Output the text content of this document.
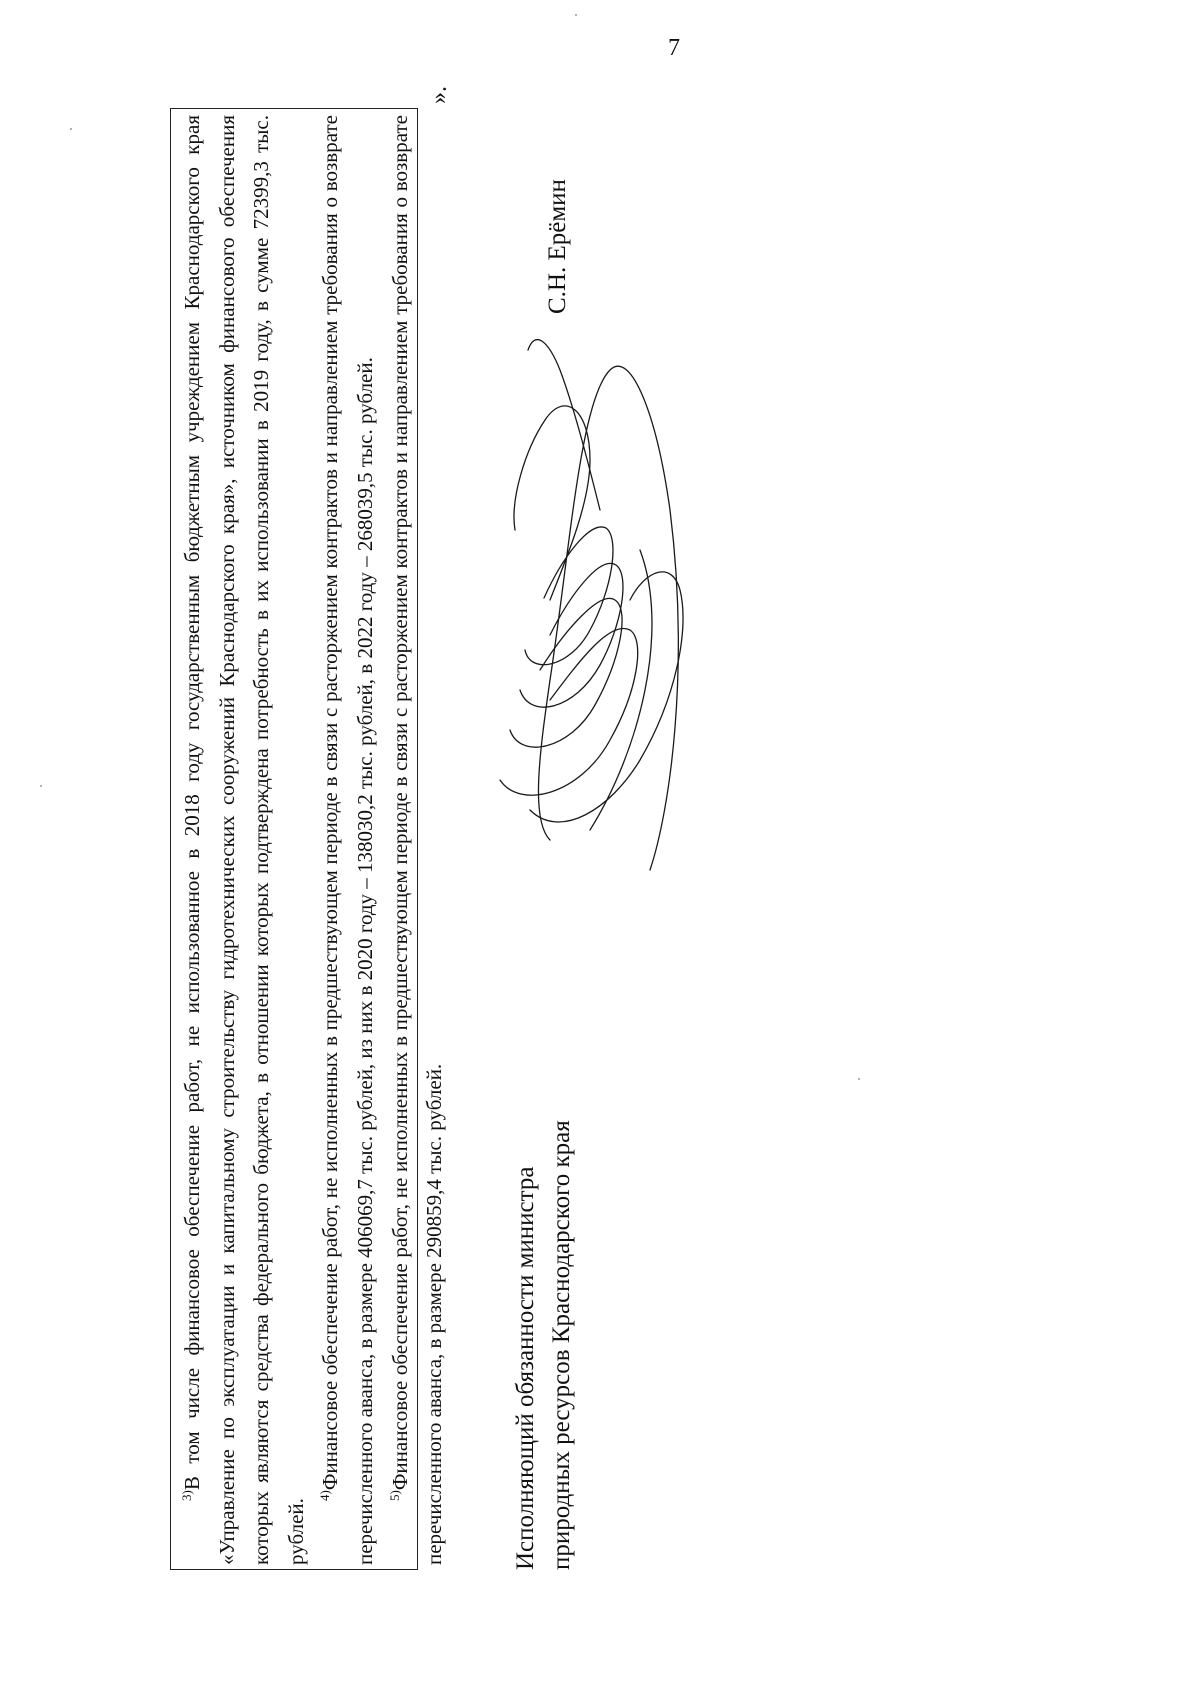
7

$^{3)}$В том числе финансовое обеспечение работ, не использованное в 2018 году государственным бюджетным учреждением Краснодарского края «Управление по эксплуатации и капитальному строительству гидротехнических сооружений Краснодарского края», источником финансового обеспечения которых являются средства федерального бюджета, в отношении которых подтверждена потребность в их использовании в 2019 году, в сумме 72399,3 тыс. рублей.

$^{4)}$Финансовое обеспечение работ, не исполненных в предшествующем периоде в связи с расторжением контрактов и направлением требования о возврате перечисленного аванса, в размере 406069,7 тыс. рублей, из них в 2020 году – 138030,2 тыс. рублей, в 2022 году – 268039,5 тыс. рублей. $^{5)}$Финансовое обеспечение работ, не исполненных в предшествующем периоде в связи с расторжением контрактов и направлением требования о возврате перечисленного аванса, в размере 290859,4 тыс. рублей.

».
Исполняющий обязанности министра природных ресурсов Краснодарского края
С.Н. Ерёмин
